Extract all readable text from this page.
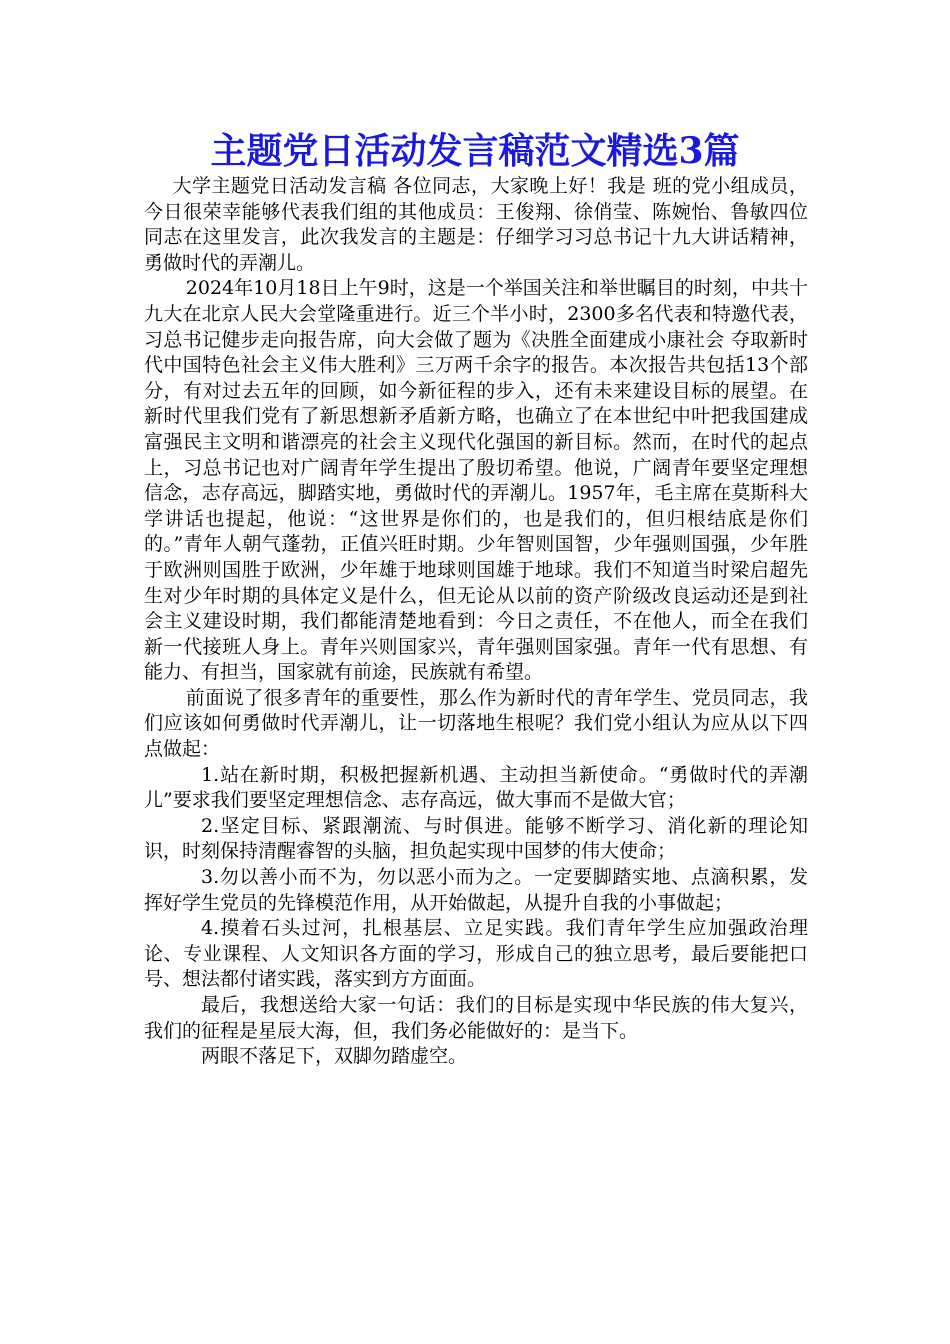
主题党日活动发言稿范文精选3篇

大学主题党日活动发言稿 各位同志，大家晚上好！我是 班的党小组成员，今日很荣幸能够代表我们组的其他成员：王俊翔、徐俏莹、陈婉怡、鲁敏四位同志在这里发言，此次我发言的主题是：仔细学习习总书记十九大讲话精神，勇做时代的弄潮儿。

2024年10月18日上午9时，这是一个举国关注和举世瞩目的时刻，中共十九大在北京人民大会堂隆重进行。近三个半小时，2300多名代表和特邀代表，习总书记健步走向报告席，向大会做了题为《决胜全面建成小康社会 夺取新时代中国特色社会主义伟大胜利》三万两千余字的报告。本次报告共包括13个部分，有对过去五年的回顾，如今新征程的步入，还有未来建设目标的展望。在新时代里我们党有了新思想新矛盾新方略，也确立了在本世纪中叶把我国建成富强民主文明和谐漂亮的社会主义现代化强国的新目标。然而，在时代的起点上，习总书记也对广阔青年学生提出了殷切希望。他说，广阔青年要坚定理想信念，志存高远，脚踏实地，勇做时代的弄潮儿。1957年，毛主席在莫斯科大学讲话也提起，他说：“这世界是你们的，也是我们的，但归根结底是你们的。”青年人朝气蓬勃，正值兴旺时期。少年智则国智，少年强则国强，少年胜于欧洲则国胜于欧洲，少年雄于地球则国雄于地球。我们不知道当时梁启超先生对少年时期的具体定义是什么，但无论从以前的资产阶级改良运动还是到社会主义建设时期，我们都能清楚地看到：今日之责任，不在他人，而全在我们新一代接班人身上。青年兴则国家兴，青年强则国家强。青年一代有思想、有能力、有担当，国家就有前途，民族就有希望。

前面说了很多青年的重要性，那么作为新时代的青年学生、党员同志，我们应该如何勇做时代弄潮儿，让一切落地生根呢？我们党小组认为应从以下四点做起：

1.站在新时期，积极把握新机遇、主动担当新使命。“勇做时代的弄潮儿”要求我们要坚定理想信念、志存高远，做大事而不是做大官；

2.坚定目标、紧跟潮流、与时俱进。能够不断学习、消化新的理论知识，时刻保持清醒睿智的头脑，担负起实现中国梦的伟大使命；

3.勿以善小而不为，勿以恶小而为之。一定要脚踏实地、点滴积累，发挥好学生党员的先锋模范作用，从开始做起，从提升自我的小事做起；

4.摸着石头过河，扎根基层、立足实践。我们青年学生应加强政治理论、专业课程、人文知识各方面的学习，形成自己的独立思考，最后要能把口号、想法都付诸实践，落实到方方面面。

最后，我想送给大家一句话：我们的目标是实现中华民族的伟大复兴，我们的征程是星辰大海，但，我们务必能做好的：是当下。

两眼不落足下，双脚勿踏虚空。
